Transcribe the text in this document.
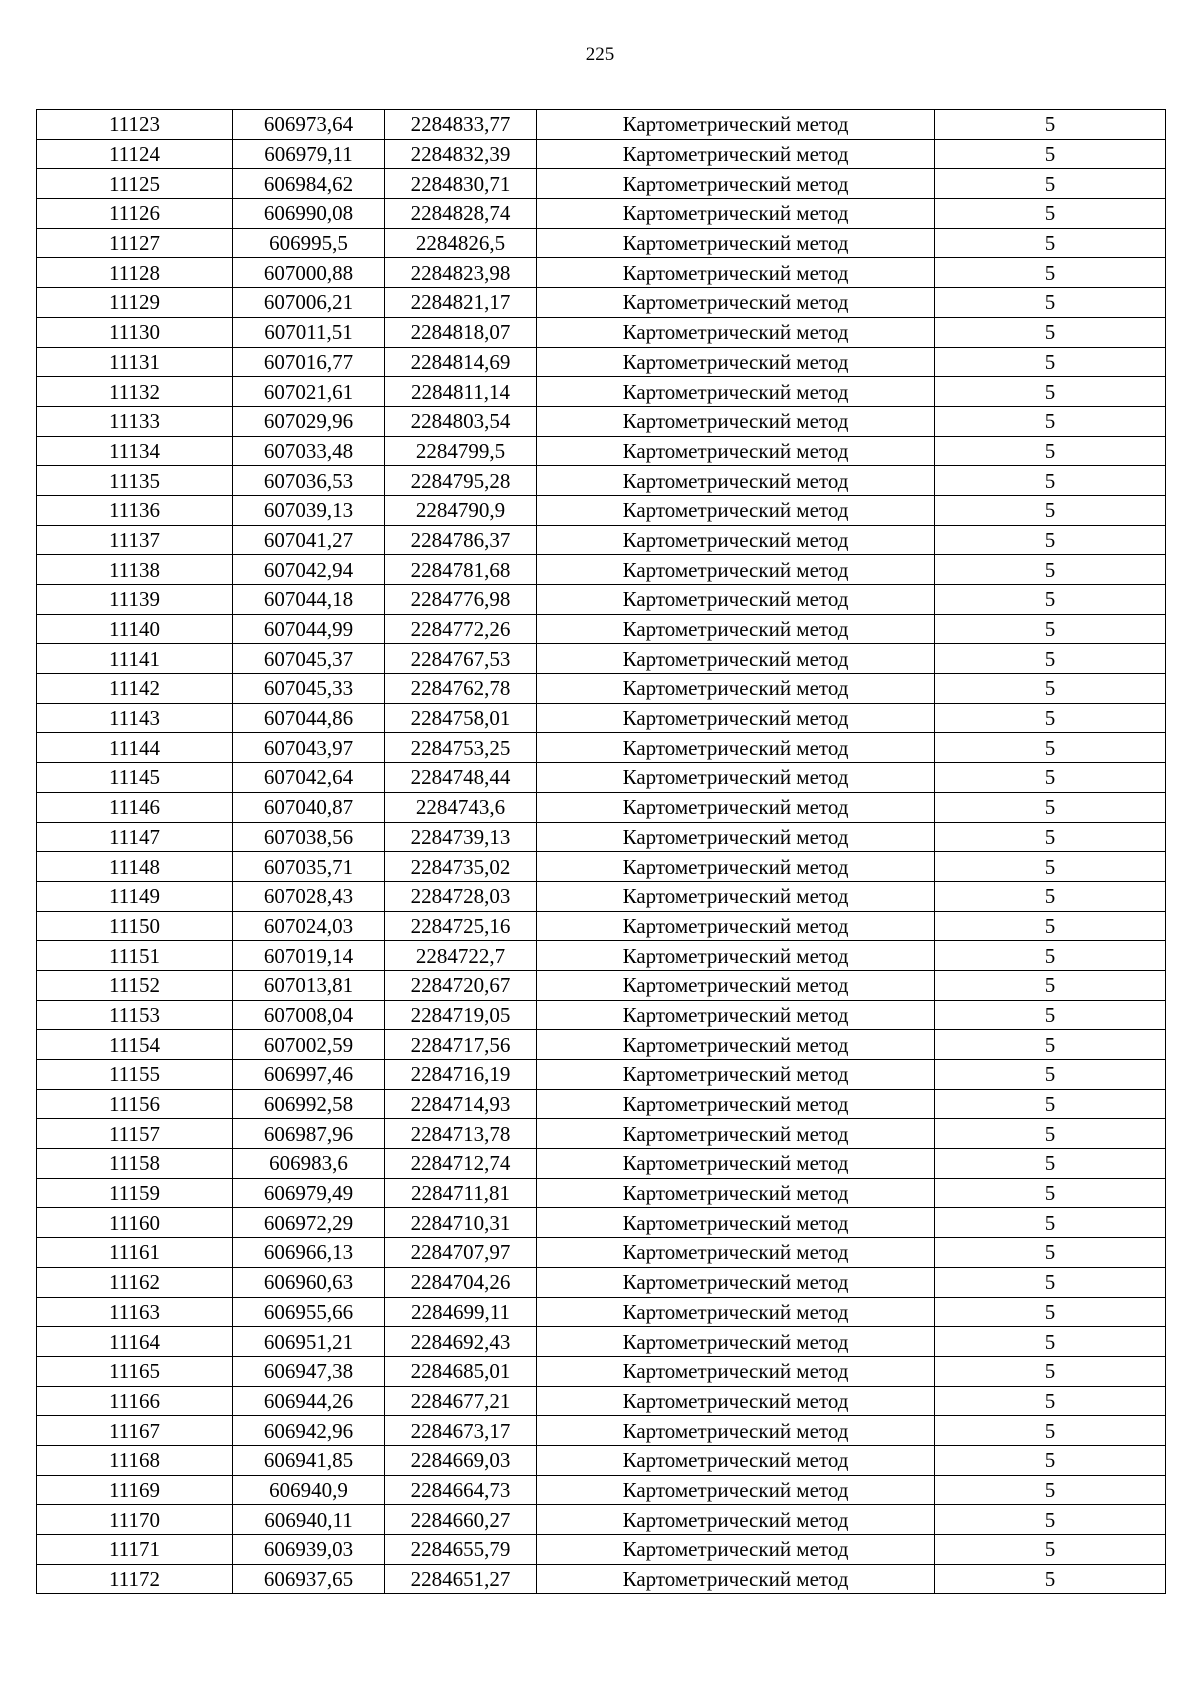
225
11123	606973,64	2284833,77	Картометрический метод	5
11124	606979,11	2284832,39	Картометрический метод	5
11125	606984,62	2284830,71	Картометрический метод	5
11126	606990,08	2284828,74	Картометрический метод	5
11127	606995,5	2284826,5	Картометрический метод	5
11128	607000,88	2284823,98	Картометрический метод	5
11129	607006,21	2284821,17	Картометрический метод	5
11130	607011,51	2284818,07	Картометрический метод	5
11131	607016,77	2284814,69	Картометрический метод	5
11132	607021,61	2284811,14	Картометрический метод	5
11133	607029,96	2284803,54	Картометрический метод	5
11134	607033,48	2284799,5	Картометрический метод	5
11135	607036,53	2284795,28	Картометрический метод	5
11136	607039,13	2284790,9	Картометрический метод	5
11137	607041,27	2284786,37	Картометрический метод	5
11138	607042,94	2284781,68	Картометрический метод	5
11139	607044,18	2284776,98	Картометрический метод	5
11140	607044,99	2284772,26	Картометрический метод	5
11141	607045,37	2284767,53	Картометрический метод	5
11142	607045,33	2284762,78	Картометрический метод	5
11143	607044,86	2284758,01	Картометрический метод	5
11144	607043,97	2284753,25	Картометрический метод	5
11145	607042,64	2284748,44	Картометрический метод	5
11146	607040,87	2284743,6	Картометрический метод	5
11147	607038,56	2284739,13	Картометрический метод	5
11148	607035,71	2284735,02	Картометрический метод	5
11149	607028,43	2284728,03	Картометрический метод	5
11150	607024,03	2284725,16	Картометрический метод	5
11151	607019,14	2284722,7	Картометрический метод	5
11152	607013,81	2284720,67	Картометрический метод	5
11153	607008,04	2284719,05	Картометрический метод	5
11154	607002,59	2284717,56	Картометрический метод	5
11155	606997,46	2284716,19	Картометрический метод	5
11156	606992,58	2284714,93	Картометрический метод	5
11157	606987,96	2284713,78	Картометрический метод	5
11158	606983,6	2284712,74	Картометрический метод	5
11159	606979,49	2284711,81	Картометрический метод	5
11160	606972,29	2284710,31	Картометрический метод	5
11161	606966,13	2284707,97	Картометрический метод	5
11162	606960,63	2284704,26	Картометрический метод	5
11163	606955,66	2284699,11	Картометрический метод	5
11164	606951,21	2284692,43	Картометрический метод	5
11165	606947,38	2284685,01	Картометрический метод	5
11166	606944,26	2284677,21	Картометрический метод	5
11167	606942,96	2284673,17	Картометрический метод	5
11168	606941,85	2284669,03	Картометрический метод	5
11169	606940,9	2284664,73	Картометрический метод	5
11170	606940,11	2284660,27	Картометрический метод	5
11171	606939,03	2284655,79	Картометрический метод	5
11172	606937,65	2284651,27	Картометрический метод	5
